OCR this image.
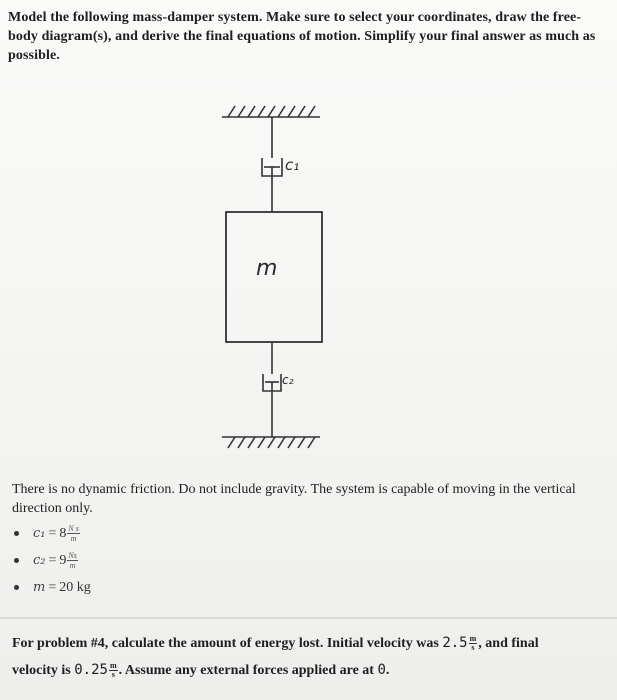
Model the following mass-damper system. Make sure to select your coordinates, draw the free-body diagram(s), and derive the final equations of motion. Simplify your final answer as much as possible.
c₁
m
c₂
There is no dynamic friction. Do not include gravity. The system is capable of moving in the vertical direction only.
$c_1 = 8 \frac{\text{N s}}{m}$
$c_2 = 9 \frac{Ns}{m}$
m = 20 kg
For problem #4, calculate the amount of energy lost. Initial velocity was $2.5 \frac{m}{s}$ , and final
velocity is $0.25 \frac{m}{s}$ . Assume any external forces applied are at 0.
